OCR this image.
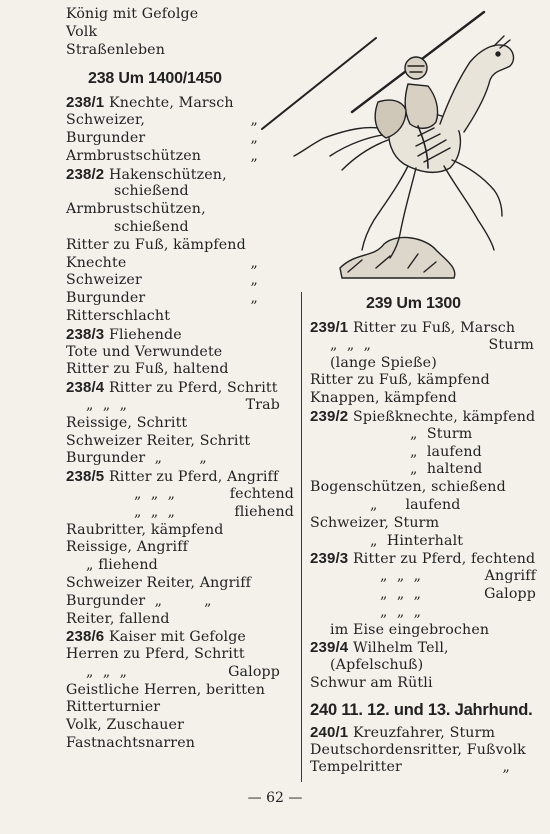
König mit Gefolge
Volk
Straßenleben
238 Um 1400/1450
238/1 Knechte, Marsch
Schweizer,	„
Burgunder	„
Armbrustschützen	„
238/2 Hakenschützen,
schießend
Armbrustschützen,
schießend
Ritter zu Fuß, kämpfend
Knechte	„
Schweizer	„
Burgunder	„
Ritterschlacht
238/3 Fliehende
Tote und Verwundete
Ritter zu Fuß, haltend
238/4 Ritter zu Pferd, Schritt
„  „  „	Trab
Reissige, Schritt
Schweizer Reiter, Schritt
Burgunder  „        „
238/5 Ritter zu Pferd, Angriff
„  „  „	fechtend
„  „  „	fliehend
Raubritter, kämpfend
Reissige, Angriff
„ fliehend
Schweizer Reiter, Angriff
Burgunder  „         „
Reiter, fallend
238/6 Kaiser mit Gefolge
Herren zu Pferd, Schritt
„  „  „	Galopp
Geistliche Herren, beritten
Ritterturnier
Volk, Zuschauer
Fastnachtsnarren
239 Um 1300
239/1 Ritter zu Fuß, Marsch
„  „  „	Sturm
(lange Spieße)
Ritter zu Fuß, kämpfend
Knappen, kämpfend
239/2 Spießknechte, kämpfend
„ Sturm
„ laufend
„ haltend
Bogenschützen, schießend
„ laufend
Schweizer, Sturm
„ Hinterhalt
239/3 Ritter zu Pferd, fechtend
„  „  „	Angriff
„  „  „	Galopp
„  „  „
im Eise eingebrochen
239/4 Wilhelm Tell,
(Apfelschuß)
Schwur am Rütli
240 11. 12. und 13. Jahrhund.
240/1 Kreuzfahrer, Sturm
Deutschordensritter, Fußvolk
Tempelritter	„
— 62 —
